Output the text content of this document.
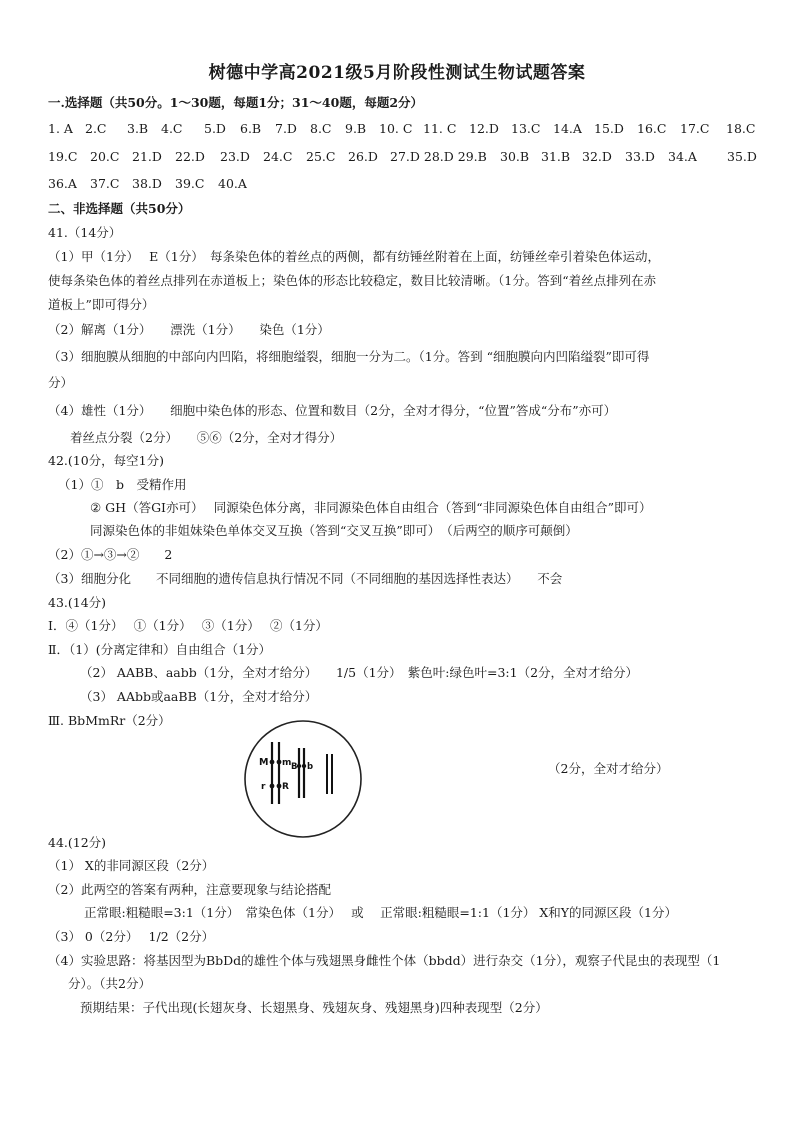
树德中学高2021级5月阶段性测试生物试题答案
一.选择题（共50分。1～30题，每题1分；31～40题，每题2分）
1. A 2.C 3.B 4.C 5.D 6.B 7.D 8.C 9.B 10. C 11. C 12.D 13.C 14.A 15.D 16.C 17.C 18.C
19.C 20.C 21.D 22.D 23.D 24.C 25.C 26.D 27.D 28.D 29.B 30.B 31.B 32.D 33.D 34.A 35.D
36.A 37.C 38.D 39.C 40.A
二、非选择题（共50分）
41.（14分）
（1）甲（1分）　 E（1分）　每条染色体的着丝点的两侧，都有纺锤丝附着在上面，纺锤丝牵引着染色体运动，
使每条染色体的着丝点排列在赤道板上；染色体的形态比较稳定，数目比较清晰。（1分。答到“着丝点排列在赤
道板上”即可得分）
（2）解离（1分）　　漂洗（1分）　　染色（1分）
（3）细胞膜从细胞的中部向内凹陷，将细胞缢裂，细胞一分为二。（1分。答到 “细胞膜向内凹陷缢裂”即可得
分）
（4）雄性（1分）　　细胞中染色体的形态、位置和数目（2分，全对才得分，“位置”答成“分布”亦可）
着丝点分裂（2分）　　⑤⑥（2分，全对才得分）
42.(10分，每空1分)
（1）①　b　受精作用
② GH（答GI亦可）　 同源染色体分离，非同源染色体自由组合（答到“非同源染色体自由组合”即可）
同源染色体的非姐妹染色单体交叉互换（答到“交叉互换”即可）　（后两空的顺序可颠倒）
（2）①→③→②　　2
（3）细胞分化　　不同细胞的遗传信息执行情况不同（不同细胞的基因选择性表达）　　不会
43.(14分)
Ⅰ．④（1分）　 ①（1分）　 ③（1分）　 ②（1分）
Ⅱ．（1）(分离定律和）自由组合（1分）
（2） AABB、aabb（1分，全对才给分）　　1/5（1分）　紫色叶:绿色叶=3:1（2分，全对才给分）
（3） AAbb或aaBB（1分，全对才给分）
Ⅲ. BbMmRr（2分）
M m B b
r R
（2分，全对才给分）
44.(12分)
（1） X的非同源区段（2分）
（2）此两空的答案有两种，注意要现象与结论搭配
正常眼:粗糙眼=3:1（1分）　常染色体（1分）　 或　 正常眼:粗糙眼=1:1（1分） X和Y的同源区段（1分）
（3） 0（2分）　 1/2（2分）
（4）实验思路：将基因型为BbDd的雄性个体与残翅黑身雌性个体（bbdd）进行杂交（1分），观察子代昆虫的表现型（1
分）。（共2分）
预期结果：子代出现(长翅灰身、长翅黑身、残翅灰身、残翅黑身)四种表现型（2分）
